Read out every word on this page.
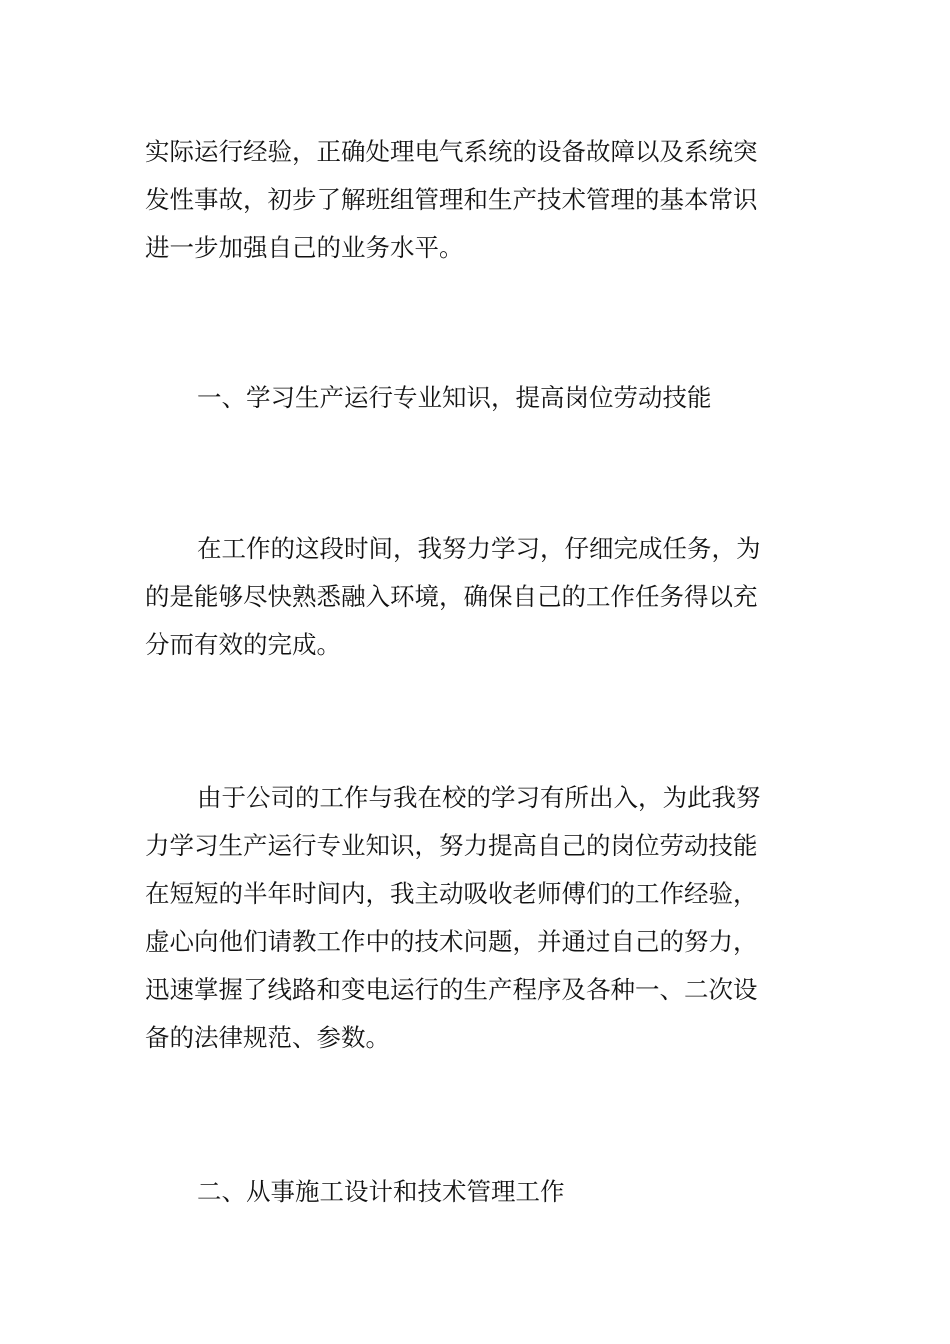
实际运行经验，正确处理电气系统的设备故障以及系统突
发性事故，初步了解班组管理和生产技术管理的基本常识
进一步加强自己的业务水平。
一、学习生产运行专业知识，提高岗位劳动技能
在工作的这段时间，我努力学习，仔细完成任务，为
的是能够尽快熟悉融入环境，确保自己的工作任务得以充
分而有效的完成。
由于公司的工作与我在校的学习有所出入，为此我努
力学习生产运行专业知识，努力提高自己的岗位劳动技能
在短短的半年时间内，我主动吸收老师傅们的工作经验，
虚心向他们请教工作中的技术问题，并通过自己的努力，
迅速掌握了线路和变电运行的生产程序及各种一、二次设
备的法律规范、参数。
二、从事施工设计和技术管理工作
